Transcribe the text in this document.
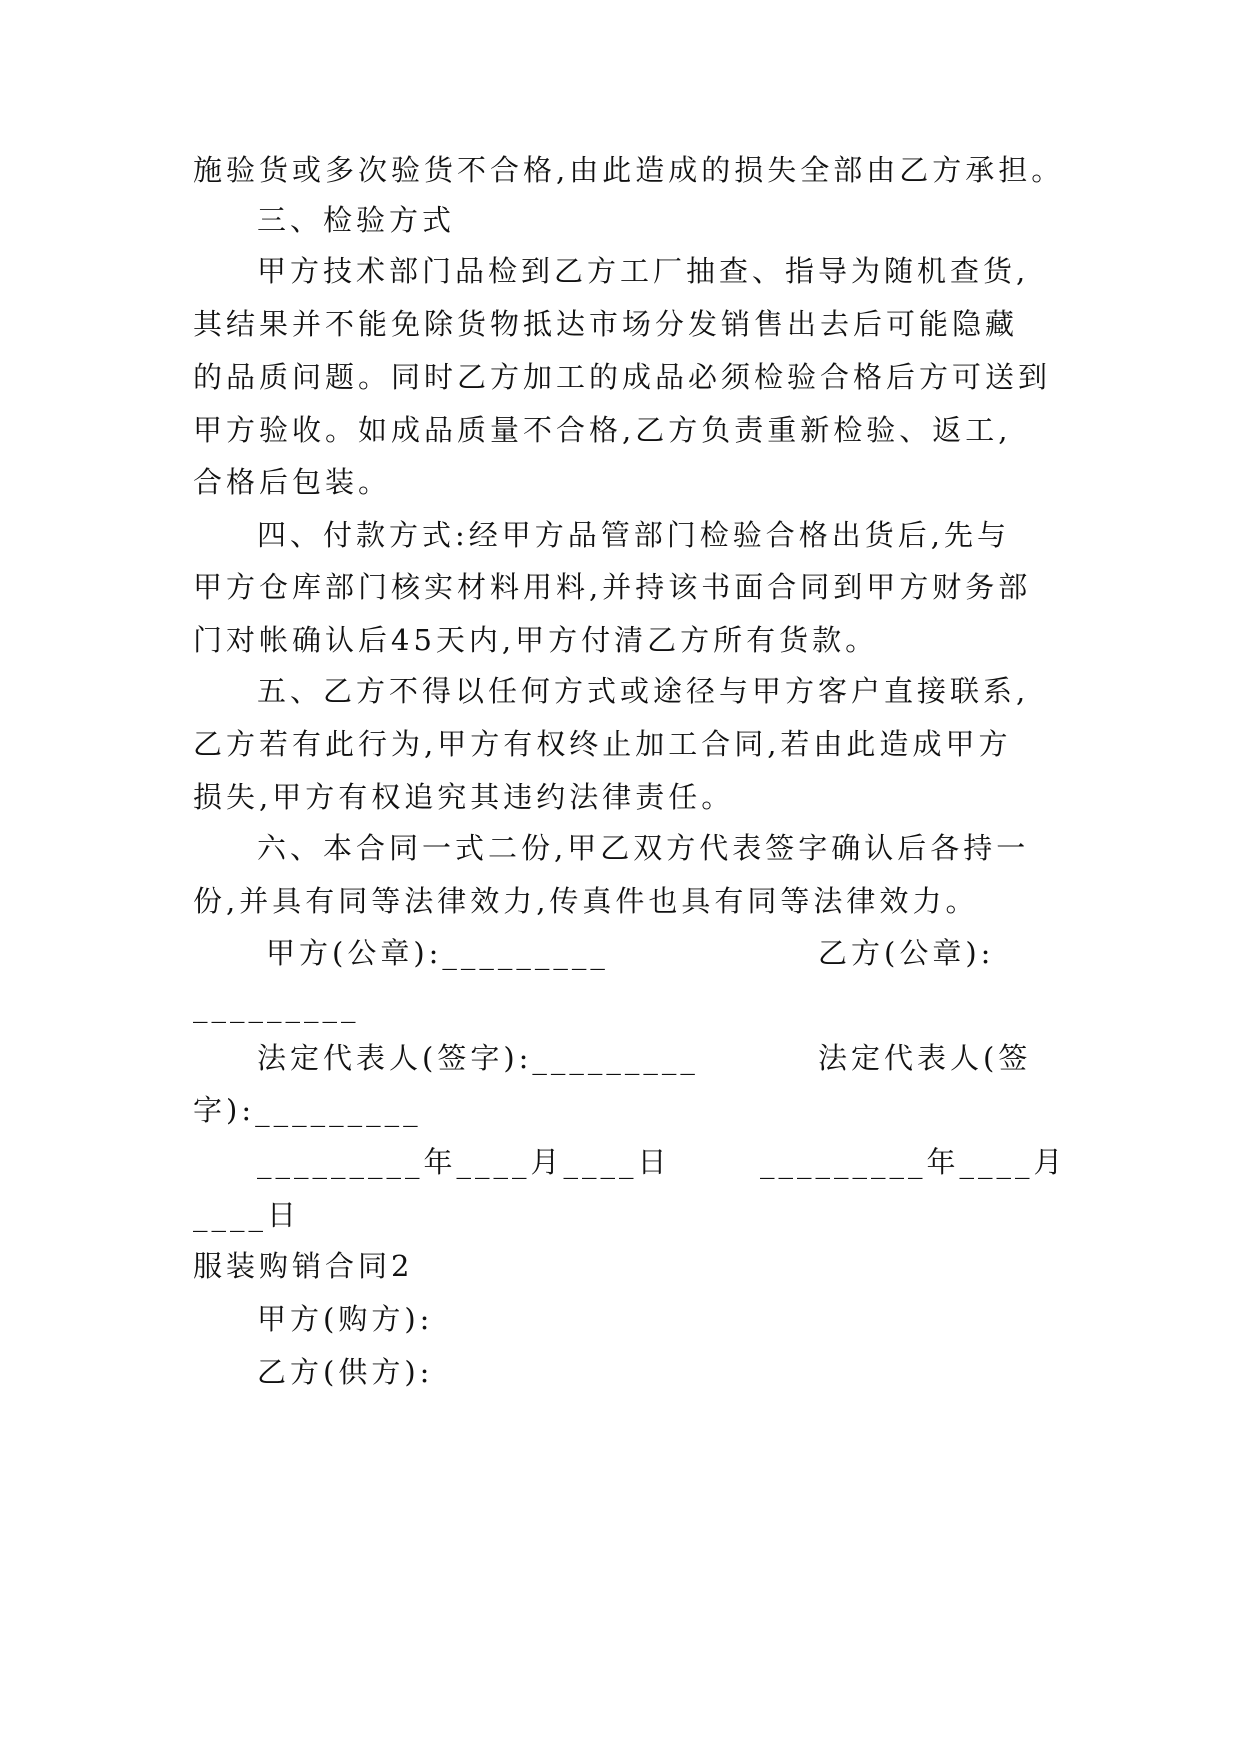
施验货或多次验货不合格,由此造成的损失全部由乙方承担。
三、检验方式
甲方技术部门品检到乙方工厂抽查、指导为随机查货,
其结果并不能免除货物抵达市场分发销售出去后可能隐藏
的品质问题。同时乙方加工的成品必须检验合格后方可送到
甲方验收。如成品质量不合格,乙方负责重新检验、返工,
合格后包装。
四、付款方式:经甲方品管部门检验合格出货后,先与
甲方仓库部门核实材料用料,并持该书面合同到甲方财务部
门对帐确认后45天内,甲方付清乙方所有货款。
五、乙方不得以任何方式或途径与甲方客户直接联系,
乙方若有此行为,甲方有权终止加工合同,若由此造成甲方
损失,甲方有权追究其违约法律责任。
六、本合同一式二份,甲乙双方代表签字确认后各持一
份,并具有同等法律效力,传真件也具有同等法律效力。
甲方(公章):_________	乙方(公章):
_________
法定代表人(签字):_________	法定代表人(签
字):_________
_________年____月____日	_________年____月
____日
服装购销合同2
甲方(购方):
乙方(供方):
